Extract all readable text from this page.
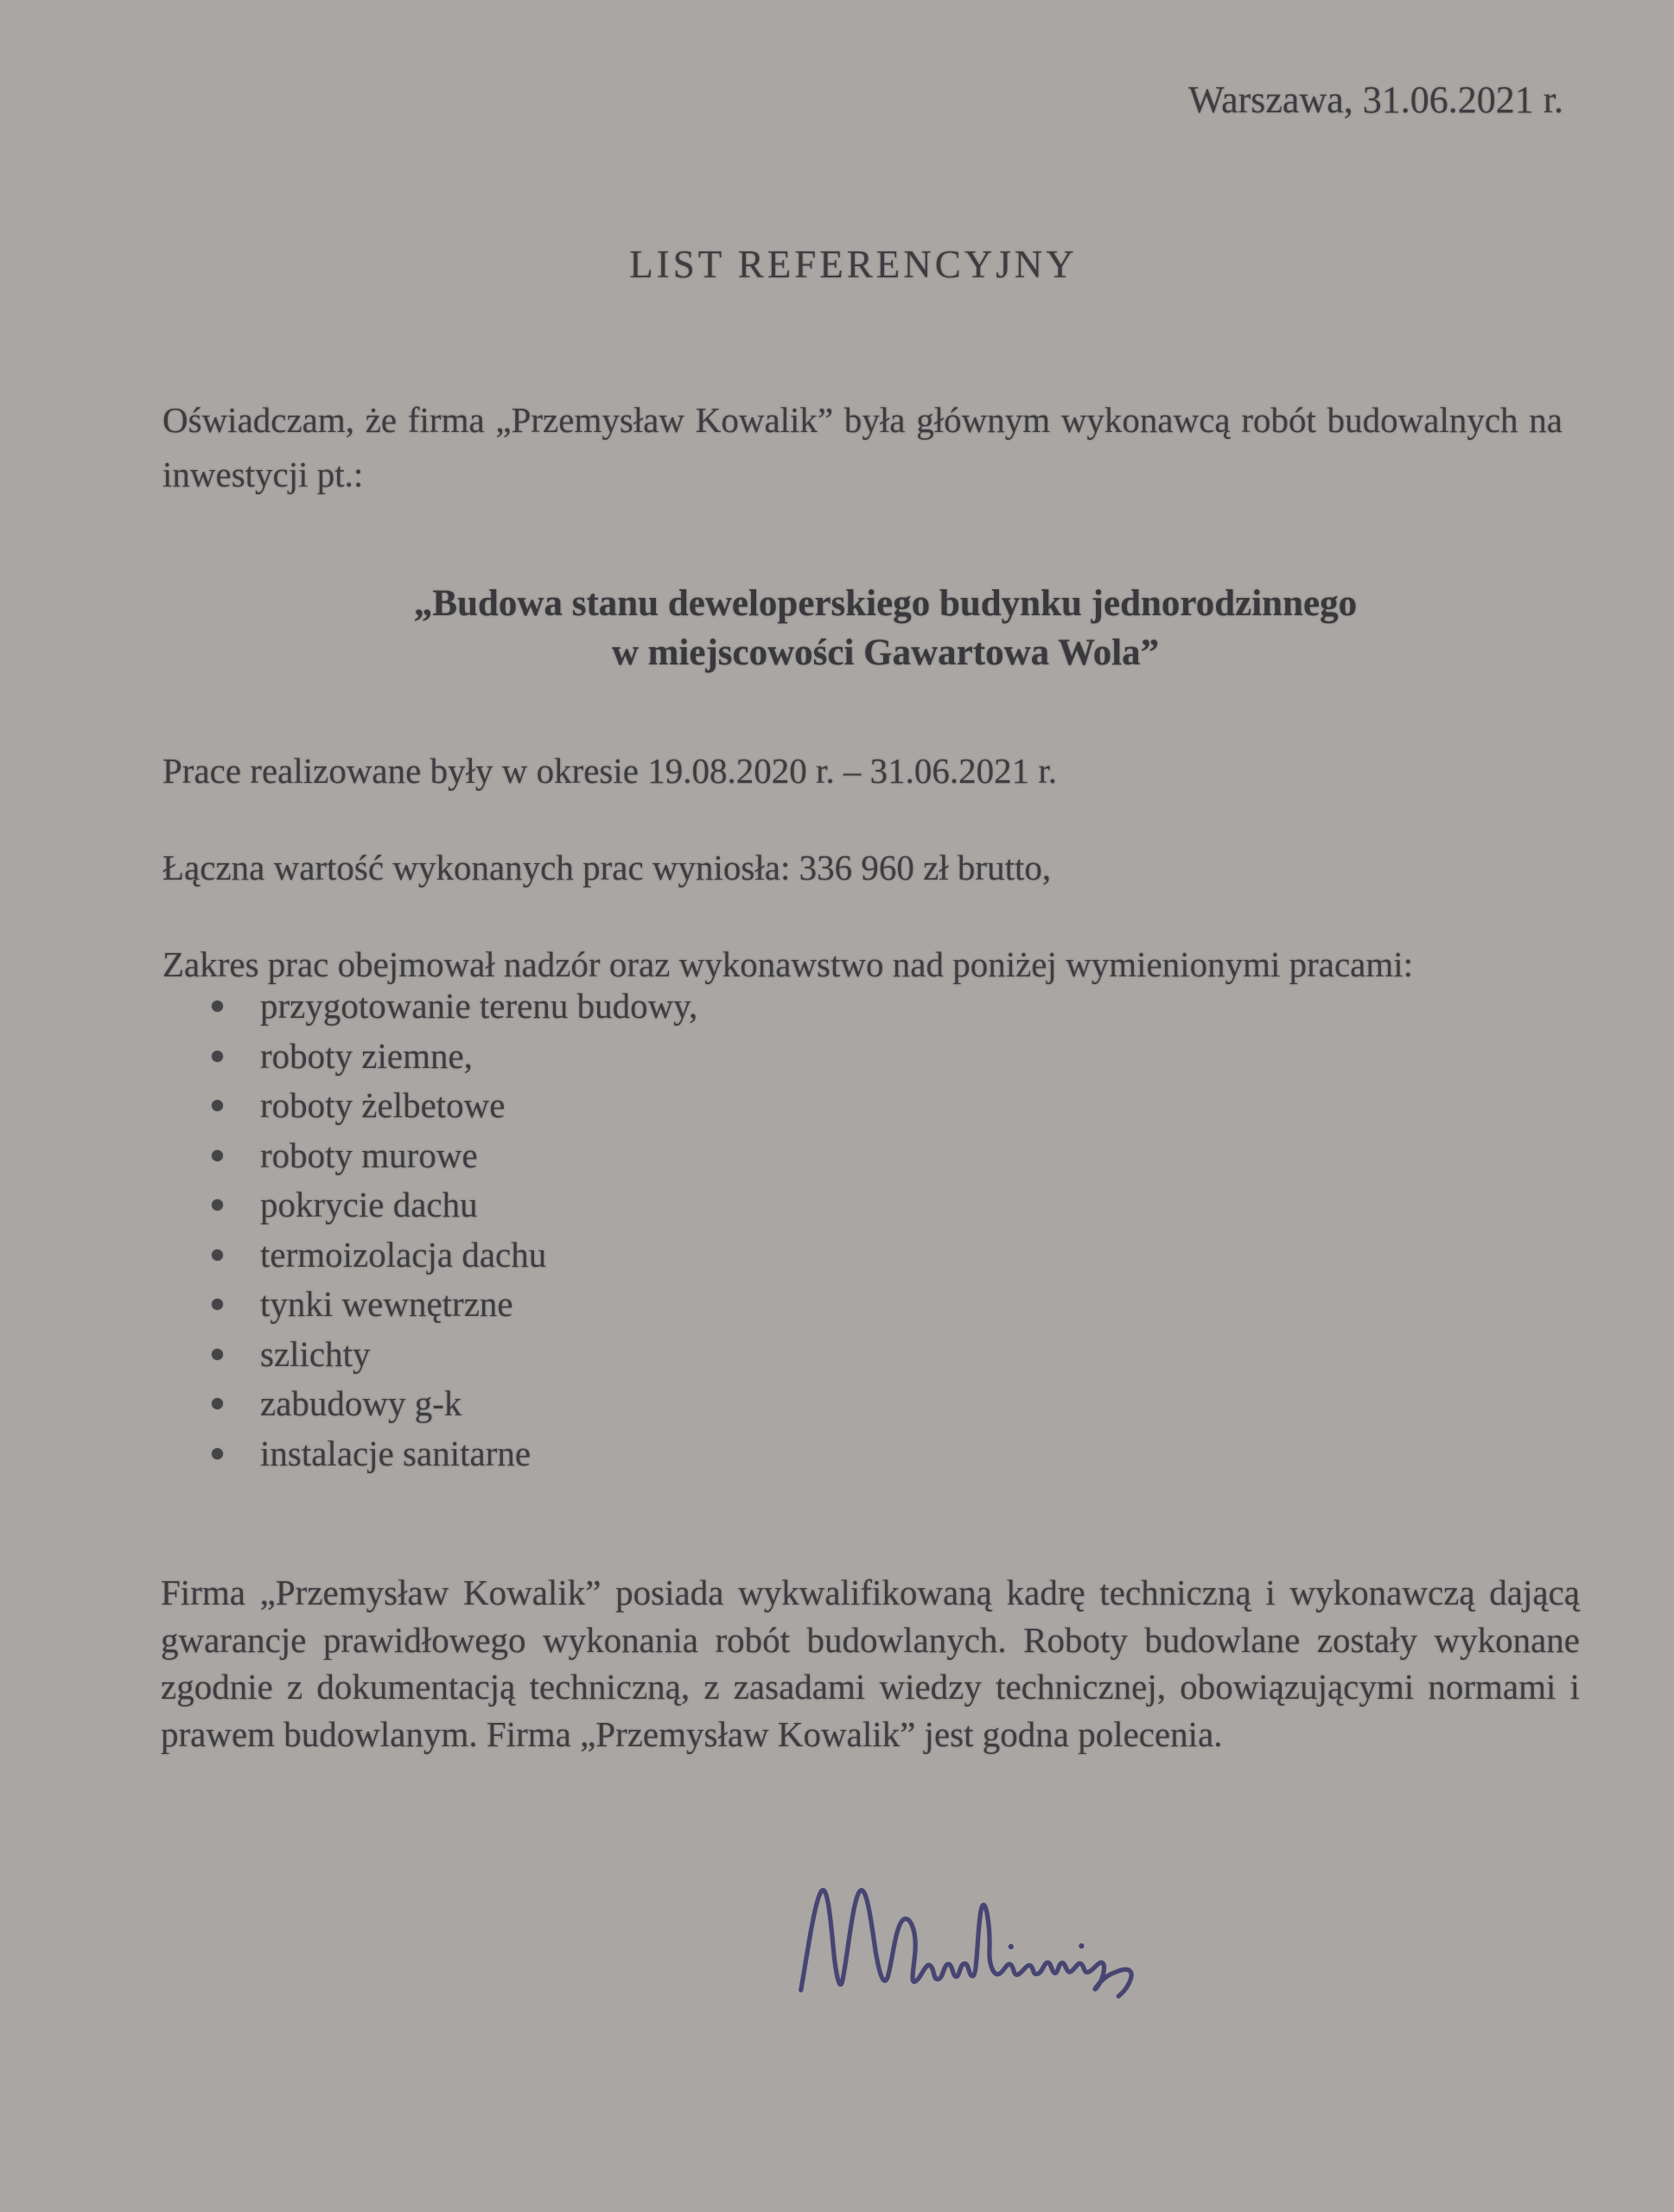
Warszawa, 31.06.2021 r.
LIST REFERENCYJNY
Oświadczam, że firma „Przemysław Kowalik” była głównym wykonawcą robót budowalnych na
inwestycji pt.:
„Budowa stanu deweloperskiego budynku jednorodzinnego
w miejscowości Gawartowa Wola”
Prace realizowane były w okresie 19.08.2020 r. – 31.06.2021 r.
Łączna wartość wykonanych prac wyniosła: 336 960 zł brutto,
Zakres prac obejmował nadzór oraz wykonawstwo nad poniżej wymienionymi pracami:
przygotowanie terenu budowy,
roboty ziemne,
roboty żelbetowe
roboty murowe
pokrycie dachu
termoizolacja dachu
tynki wewnętrzne
szlichty
zabudowy g-k
instalacje sanitarne
Firma „Przemysław Kowalik” posiada wykwalifikowaną kadrę techniczną i wykonawczą dającą
gwarancje prawidłowego wykonania robót budowlanych. Roboty budowlane zostały wykonane
zgodnie z dokumentacją techniczną, z zasadami wiedzy technicznej, obowiązującymi normami i
prawem budowlanym. Firma „Przemysław Kowalik” jest godna polecenia.
